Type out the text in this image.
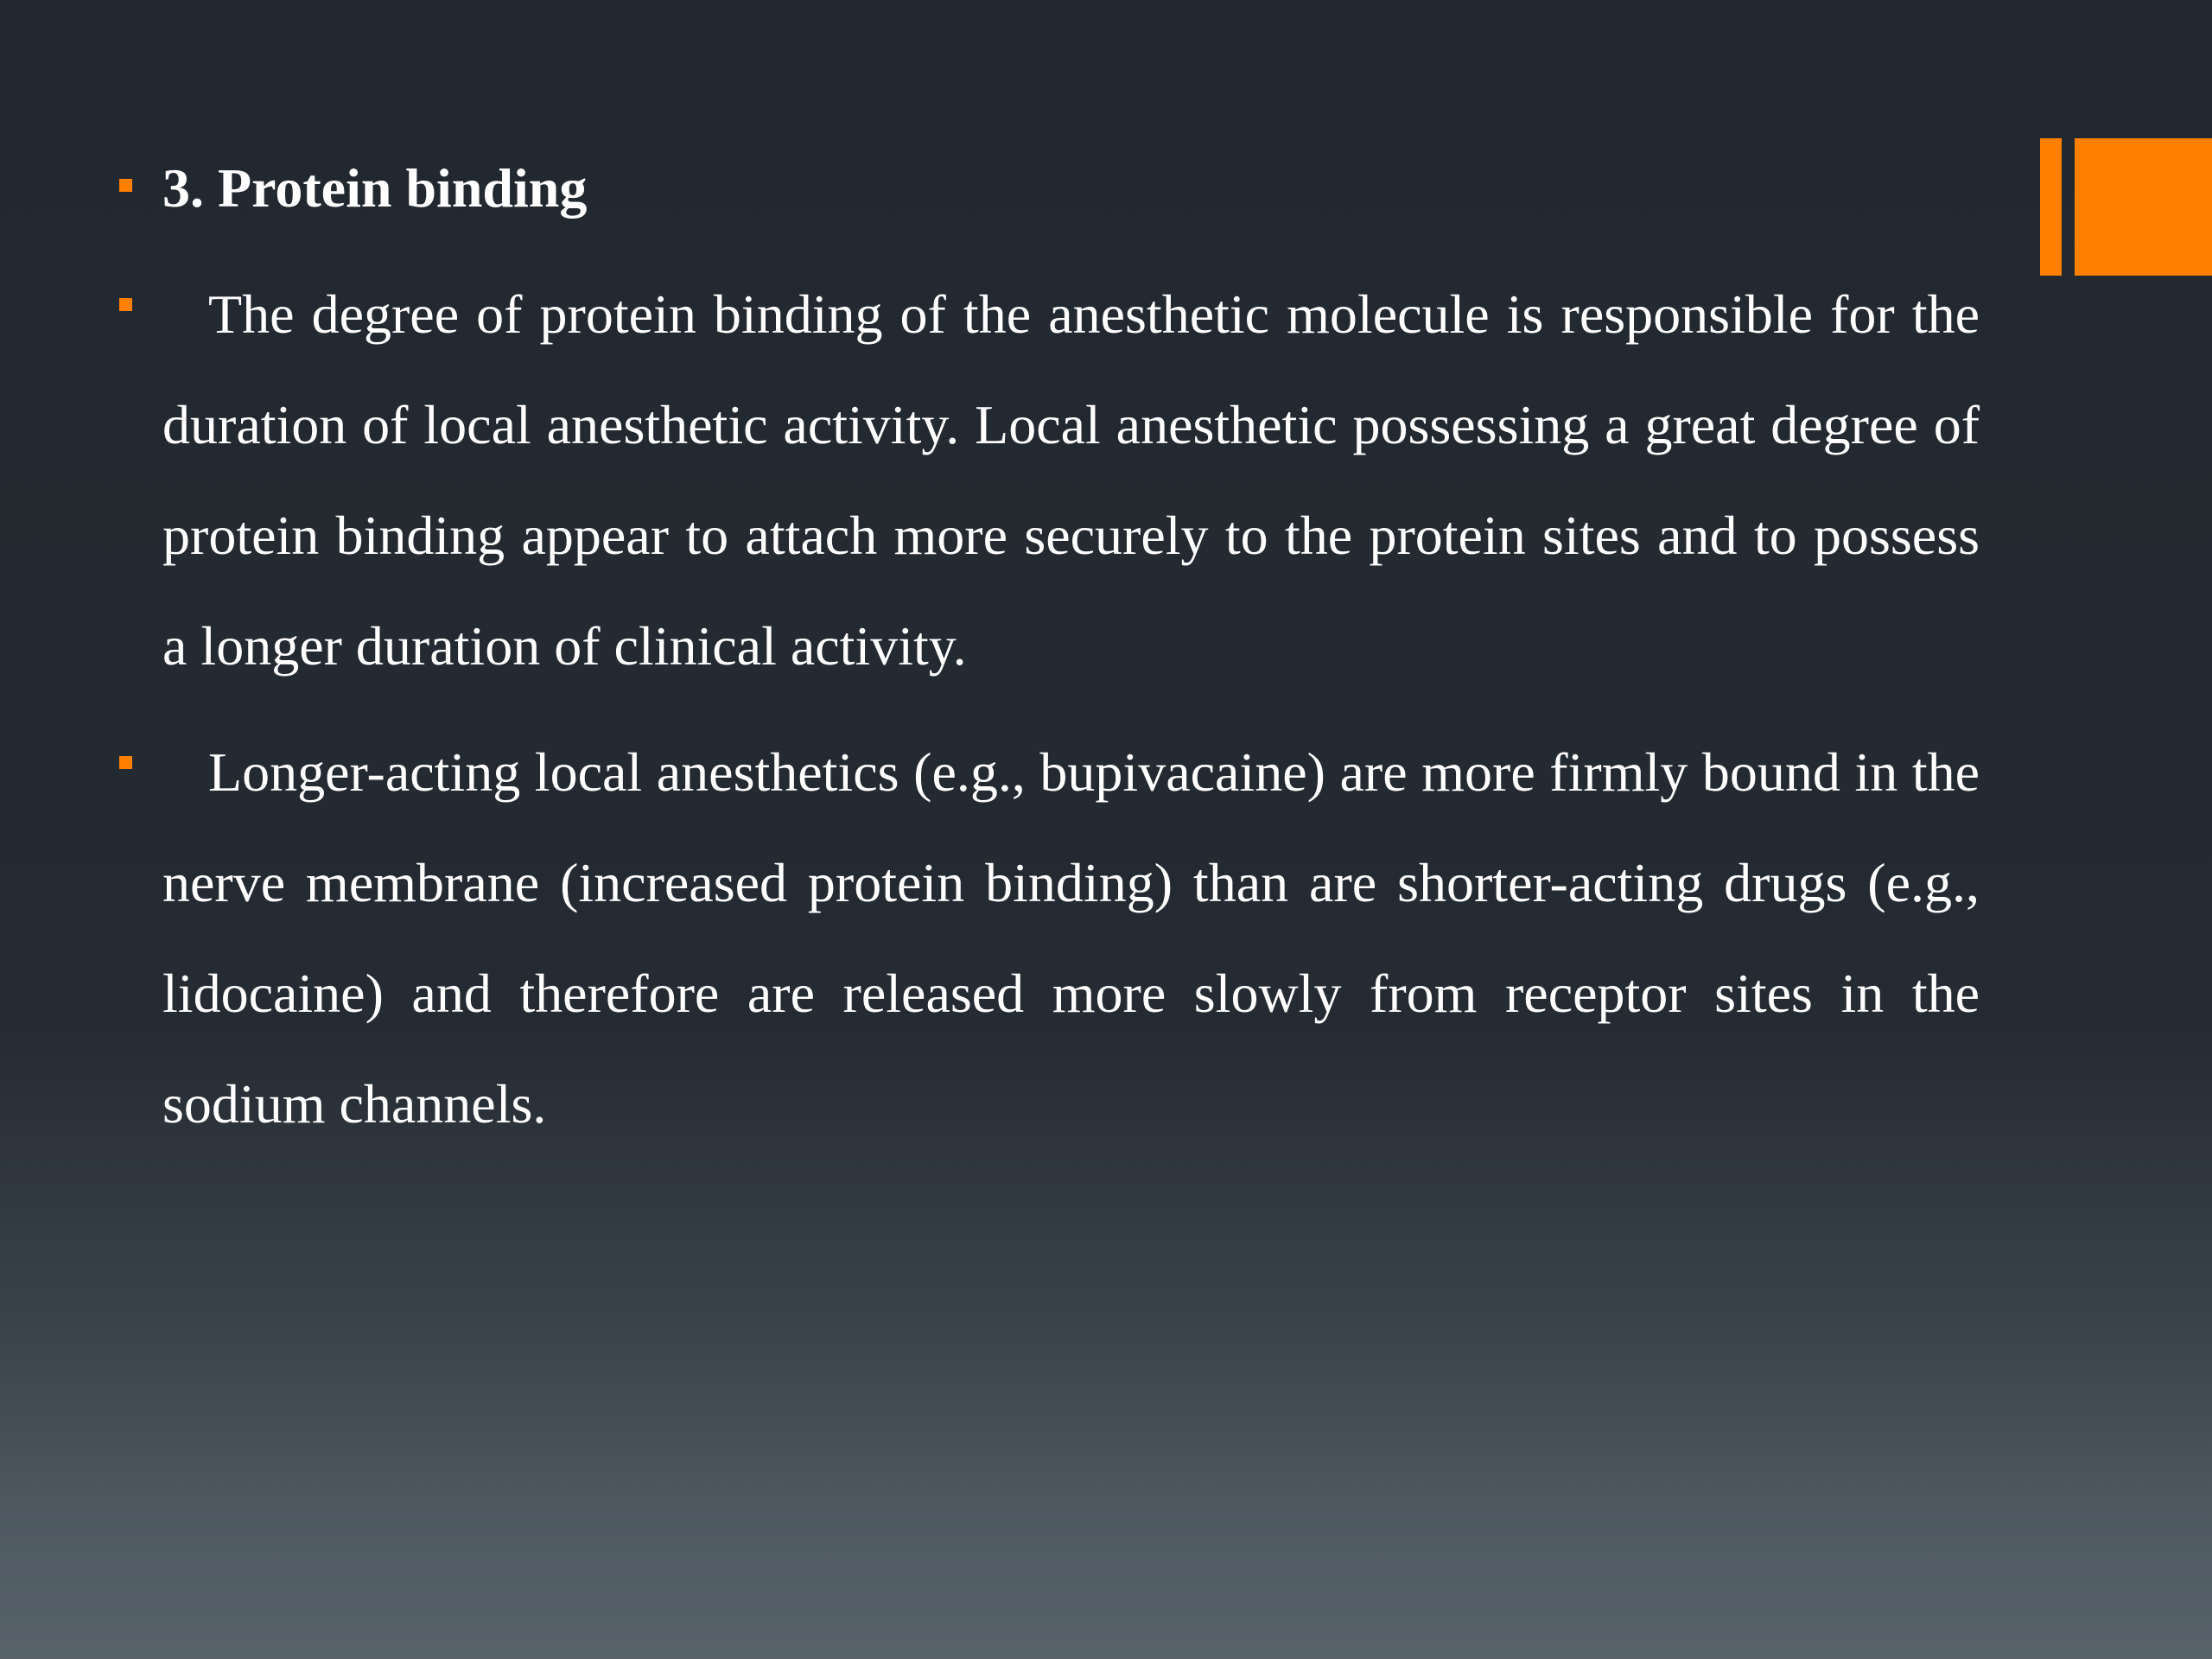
3. Protein binding

The degree of protein binding of the anesthetic molecule is responsible for the duration of local anesthetic activity. Local anesthetic possessing a great degree of protein binding appear to attach more securely to the protein sites and to possess a longer duration of clinical activity.

Longer-acting local anesthetics (e.g., bupivacaine) are more firmly bound in the nerve membrane (increased protein binding) than are shorter-acting drugs (e.g., lidocaine) and therefore are released more slowly from receptor sites in the sodium channels.
